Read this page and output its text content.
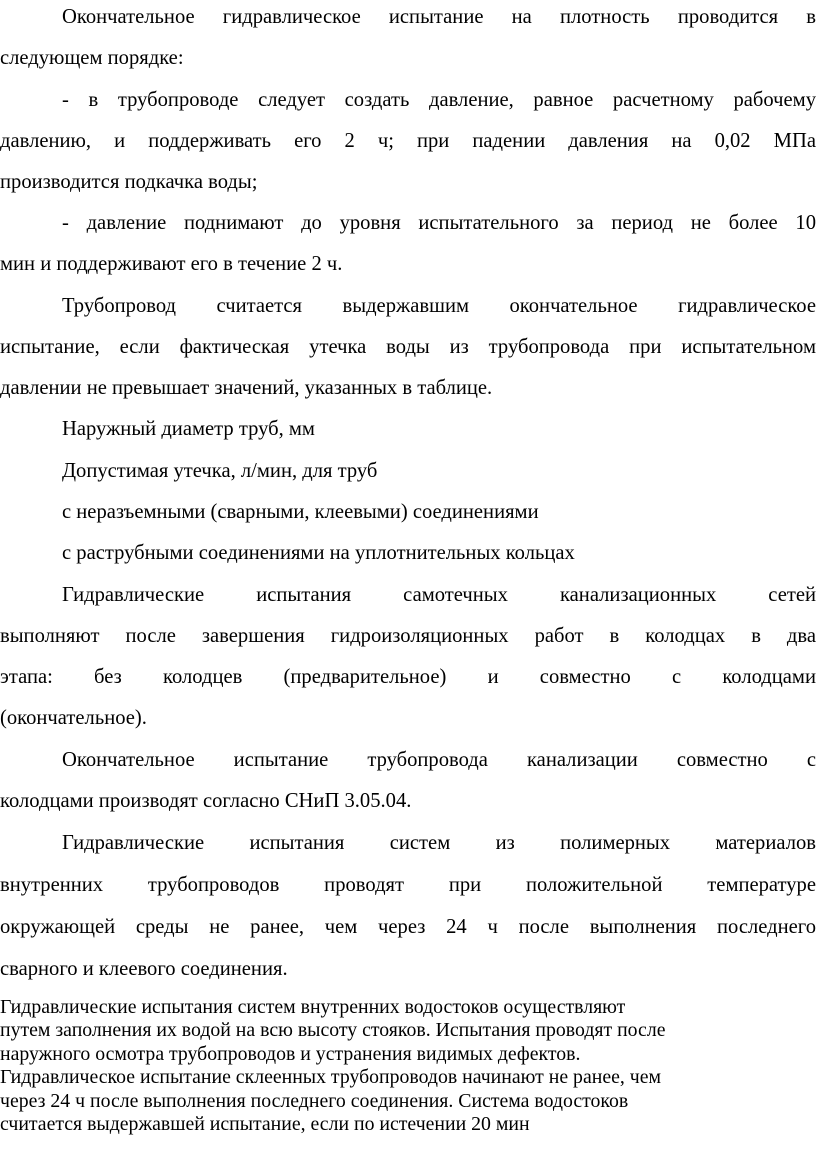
Окончательное гидравлическое испытание на плотность проводится в
следующем порядке:
- в трубопроводе следует создать давление, равное расчетному рабочему
давлению, и поддерживать его 2 ч; при падении давления на 0,02 МПа
производится подкачка воды;
- давление поднимают до уровня испытательного за период не более 10
мин и поддерживают его в течение 2 ч.
Трубопровод считается выдержавшим окончательное гидравлическое
испытание, если фактическая утечка воды из трубопровода при испытательном
давлении не превышает значений, указанных в таблице.
Наружный диаметр труб, мм
Допустимая утечка, л/мин, для труб
с неразъемными (сварными, клеевыми) соединениями
с раструбными соединениями на уплотнительных кольцах
Гидравлические испытания самотечных канализационных сетей
выполняют после завершения гидроизоляционных работ в колодцах в два
этапа: без колодцев (предварительное) и совместно с колодцами
(окончательное).
Окончательное испытание трубопровода канализации совместно с
колодцами производят согласно СНиП 3.05.04.
Гидравлические испытания систем из полимерных материалов
внутренних трубопроводов проводят при положительной температуре
окружающей среды не ранее, чем через 24 ч после выполнения последнего
сварного и клеевого соединения.
Гидравлические испытания систем внутренних водостоков осуществляют
путем заполнения их водой на всю высоту стояков. Испытания проводят после
наружного осмотра трубопроводов и устранения видимых дефектов.
Гидравлическое испытание склеенных трубопроводов начинают не ранее, чем
через 24 ч после выполнения последнего соединения. Система водостоков
считается выдержавшей испытание, если по истечении 20 мин
